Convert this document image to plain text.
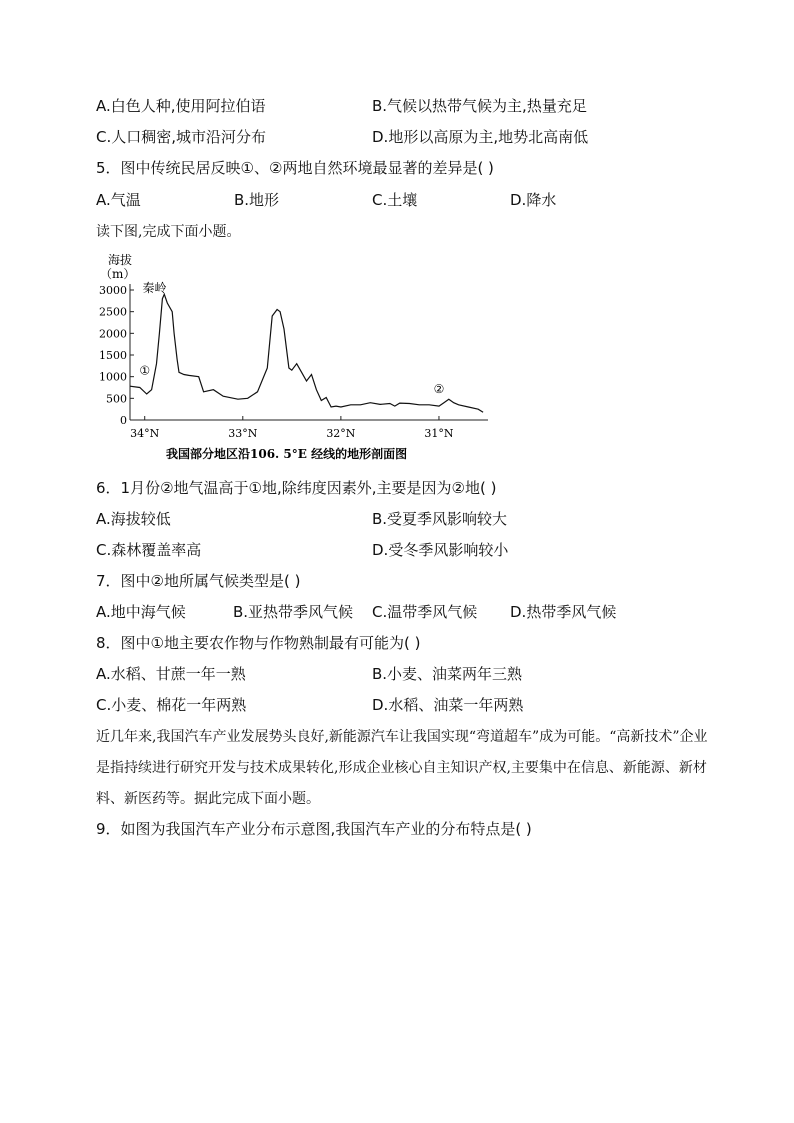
A.白色人种,使用阿拉伯语	B.气候以热带气候为主,热量充足
C.人口稠密,城市沿河分布	D.地形以高原为主,地势北高南低
5．图中传统民居反映①、②两地自然环境最显著的差异是( )
A.气温	B.地形	C.土壤	D.降水
读下图,完成下面小题。
海拔
（m）
0
500
1000
1500
2000
2500
3000
34°N	33°N	32°N	31°N
秦岭
①
②
我国部分地区沿106. 5°E 经线的地形剖面图
6．1月份②地气温高于①地,除纬度因素外,主要是因为②地( )
A.海拔较低	B.受夏季风影响较大
C.森林覆盖率高	D.受冬季风影响较小
7．图中②地所属气候类型是( )
A.地中海气候	B.亚热带季风气候 C.温带季风气候 D.热带季风气候
8．图中①地主要农作物与作物熟制最有可能为( )
A.水稻、甘蔗一年一熟	B.小麦、油菜两年三熟
C.小麦、棉花一年两熟	D.水稻、油菜一年两熟
近几年来,我国汽车产业发展势头良好,新能源汽车让我国实现“弯道超车”成为可能。“高新技术”企业是指持续进行研究开发与技术成果转化,形成企业核心自主知识产权,主要集中在信息、新能源、新材料、新医药等。据此完成下面小题。
9．如图为我国汽车产业分布示意图,我国汽车产业的分布特点是( )
